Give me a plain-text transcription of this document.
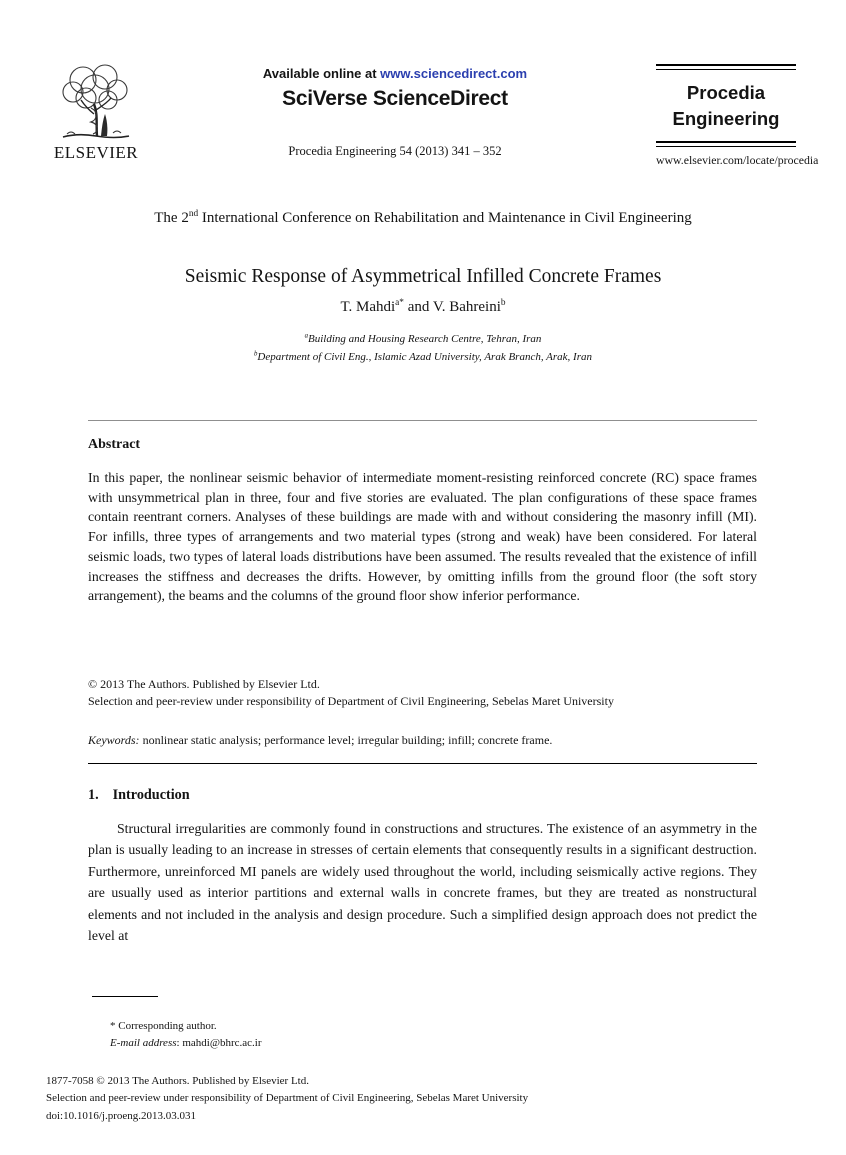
ELSEVIER
Available online at www.sciencedirect.com
SciVerse ScienceDirect
Procedia Engineering 54 (2013) 341 – 352
Procedia
Engineering
www.elsevier.com/locate/procedia
The 2nd International Conference on Rehabilitation and Maintenance in Civil Engineering
Seismic Response of Asymmetrical Infilled Concrete Frames
T. Mahdi$^{a*}$ and V. Bahreini$^b$
$^a$Building and Housing Research Centre, Tehran, Iran
$^b$Department of Civil Eng., Islamic Azad University, Arak Branch, Arak, Iran
Abstract
In this paper, the nonlinear seismic behavior of intermediate moment-resisting reinforced concrete (RC) space frames with unsymmetrical plan in three, four and five stories are evaluated. The plan configurations of these space frames contain reentrant corners. Analyses of these buildings are made with and without considering the masonry infill (MI). For infills, three types of arrangements and two material types (strong and weak) have been considered. For lateral seismic loads, two types of lateral loads distributions have been assumed. The results revealed that the existence of infill increases the stiffness and decreases the drifts. However, by omitting infills from the ground floor (the soft story arrangement), the beams and the columns of the ground floor show inferior performance.
© 2013 The Authors. Published by Elsevier Ltd.
Selection and peer-review under responsibility of Department of Civil Engineering, Sebelas Maret University
Keywords: nonlinear static analysis; performance level; irregular building; infill; concrete frame.
1. Introduction
Structural irregularities are commonly found in constructions and structures. The existence of an asymmetry in the plan is usually leading to an increase in stresses of certain elements that consequently results in a significant destruction. Furthermore, unreinforced MI panels are widely used throughout the world, including seismically active regions. They are usually used as interior partitions and external walls in concrete frames, but they are treated as nonstructural elements and not included in the analysis and design procedure. Such a simplified design approach does not predict the level at
* Corresponding author.
E-mail address: mahdi@bhrc.ac.ir
1877-7058 © 2013 The Authors. Published by Elsevier Ltd.
Selection and peer-review under responsibility of Department of Civil Engineering, Sebelas Maret University
doi:10.1016/j.proeng.2013.03.031
